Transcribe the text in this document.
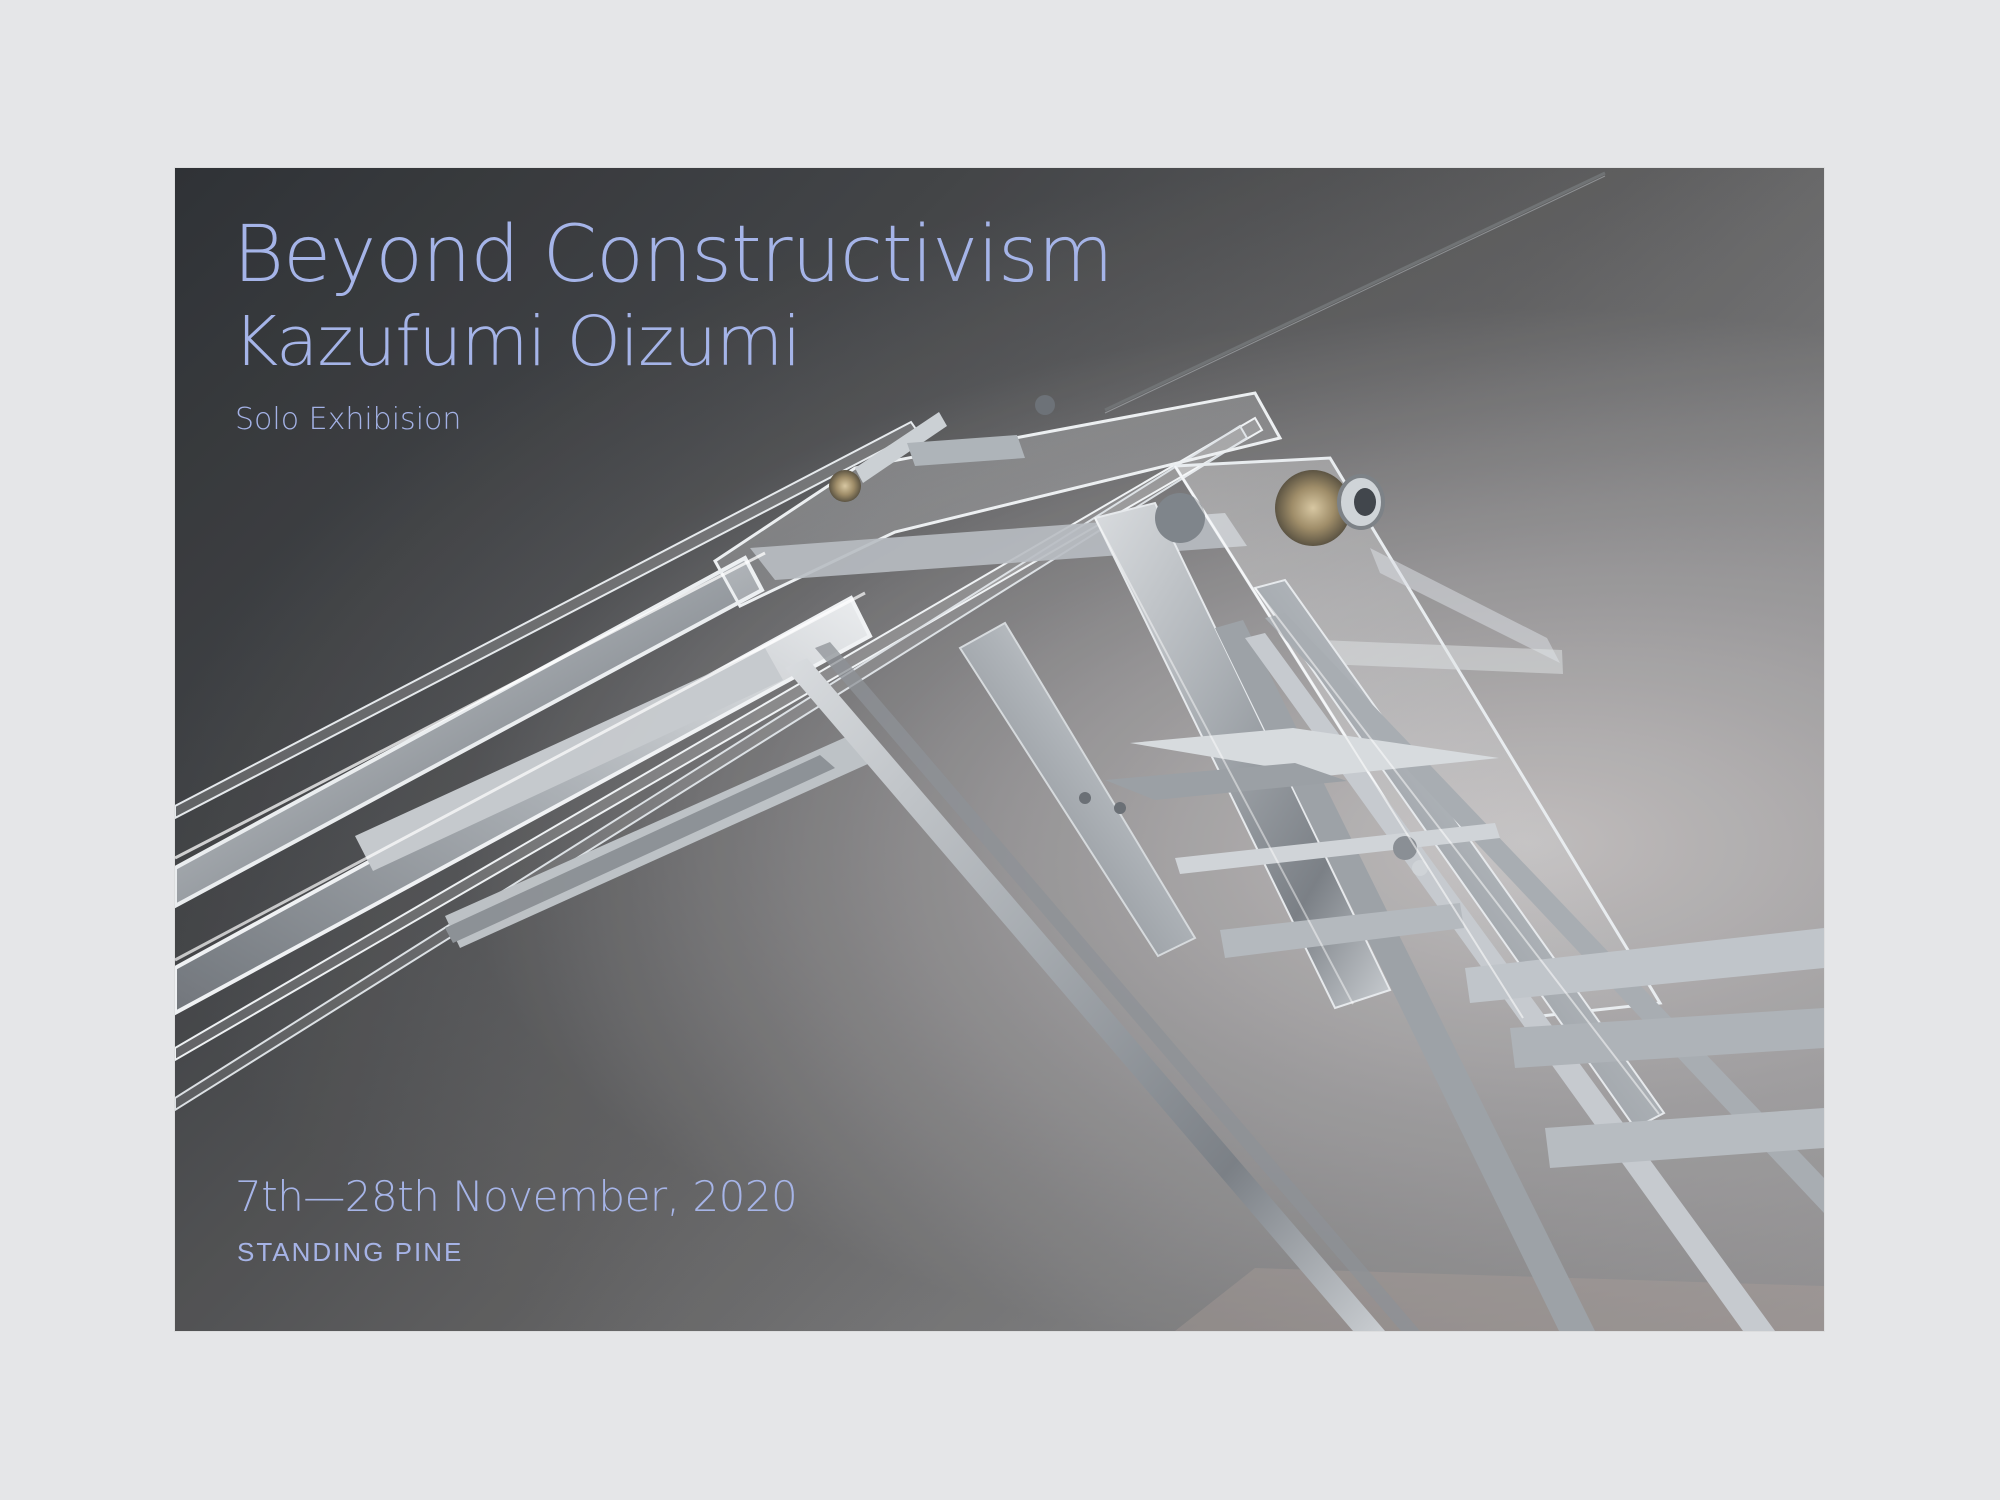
Beyond Constructivism
Kazufumi Oizumi
Solo Exhibision
7th—28th November, 2020
STANDING PINE
